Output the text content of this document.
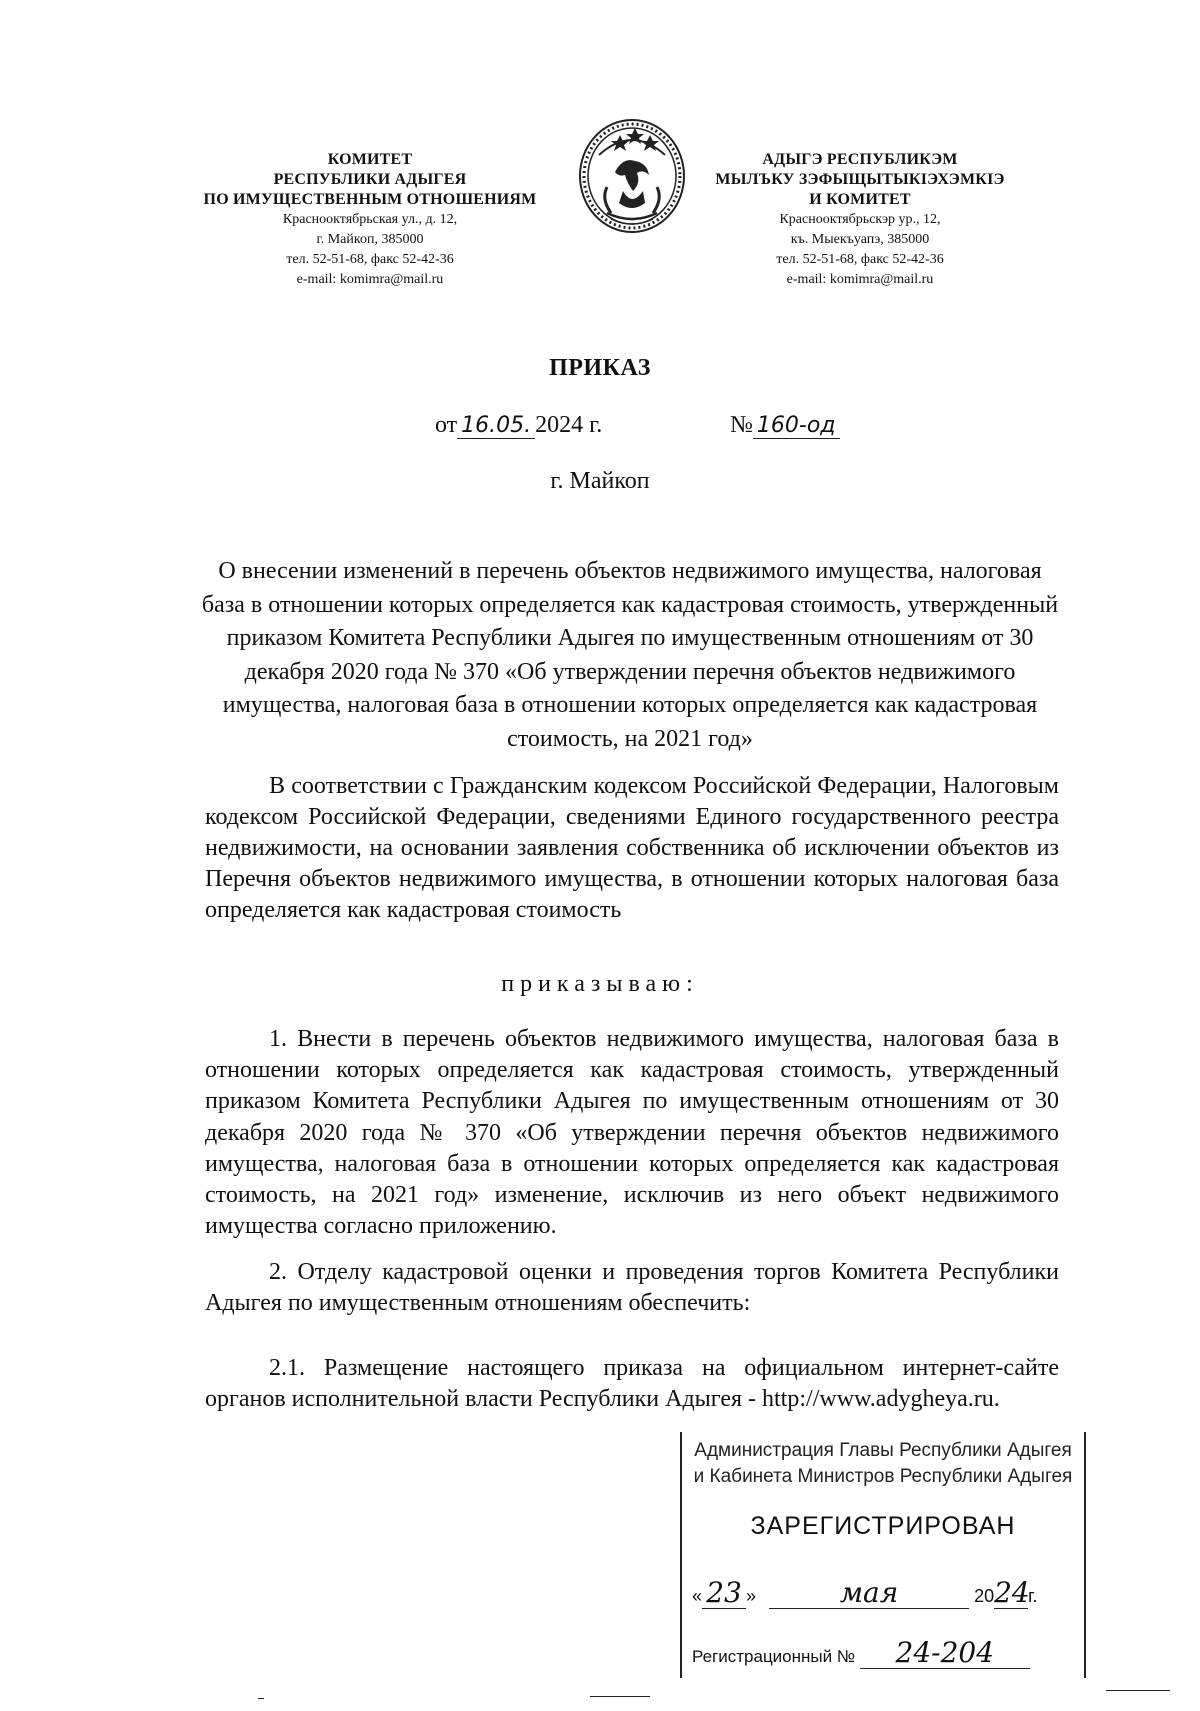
КОМИТЕТ
РЕСПУБЛИКИ АДЫГЕЯ
ПО ИМУЩЕСТВЕННЫМ ОТНОШЕНИЯМ
Краснооктябрьская ул., д. 12,
г. Майкоп, 385000
тел. 52-51-68, факс 52-42-36
e-mail: komimra@mail.ru
АДЫГЭ РЕСПУБЛИКЭМ
МЫЛЪКУ ЗЭФЫЩЫТЫКIЭХЭМКIЭ
И КОМИТЕТ
Краснооктябрьскэр ур., 12,
къ. Мыекъуапэ, 385000
тел. 52-51-68, факс 52-42-36
e-mail: komimra@mail.ru
ПРИКАЗ
от 16.05. 2024 г.	№ 160-од
г. Майкоп
О внесении изменений в перечень объектов недвижимого имущества, налоговая база в отношении которых определяется как кадастровая стоимость, утвержденный приказом Комитета Республики Адыгея по имущественным отношениям от 30 декабря 2020 года № 370 «Об утверждении перечня объектов недвижимого имущества, налоговая база в отношении которых определяется как кадастровая стоимость, на 2021 год»
В соответствии с Гражданским кодексом Российской Федерации, Налоговым кодексом Российской Федерации, сведениями Единого государственного реестра недвижимости, на основании заявления собственника об исключении объектов из Перечня объектов недвижимого имущества, в отношении которых налоговая база определяется как кадастровая стоимость
приказываю:
1. Внести в перечень объектов недвижимого имущества, налоговая база в отношении которых определяется как кадастровая стоимость, утвержденный приказом Комитета Республики Адыгея по имущественным отношениям от 30 декабря 2020 года № 370 «Об утверждении перечня объектов недвижимого имущества, налоговая база в отношении которых определяется как кадастровая стоимость, на 2021 год» изменение, исключив из него объект недвижимого имущества согласно приложению.
2. Отделу кадастровой оценки и проведения торгов Комитета Республики Адыгея по имущественным отношениям обеспечить:
2.1. Размещение настоящего приказа на официальном интернет-сайте органов исполнительной власти Республики Адыгея - http://www.adygheya.ru.
Администрация Главы Республики Адыгея
и Кабинета Министров Республики Адыгея
ЗАРЕГИСТРИРОВАН
« 23 »	мая	2024г.
Регистрационный № 24-204
